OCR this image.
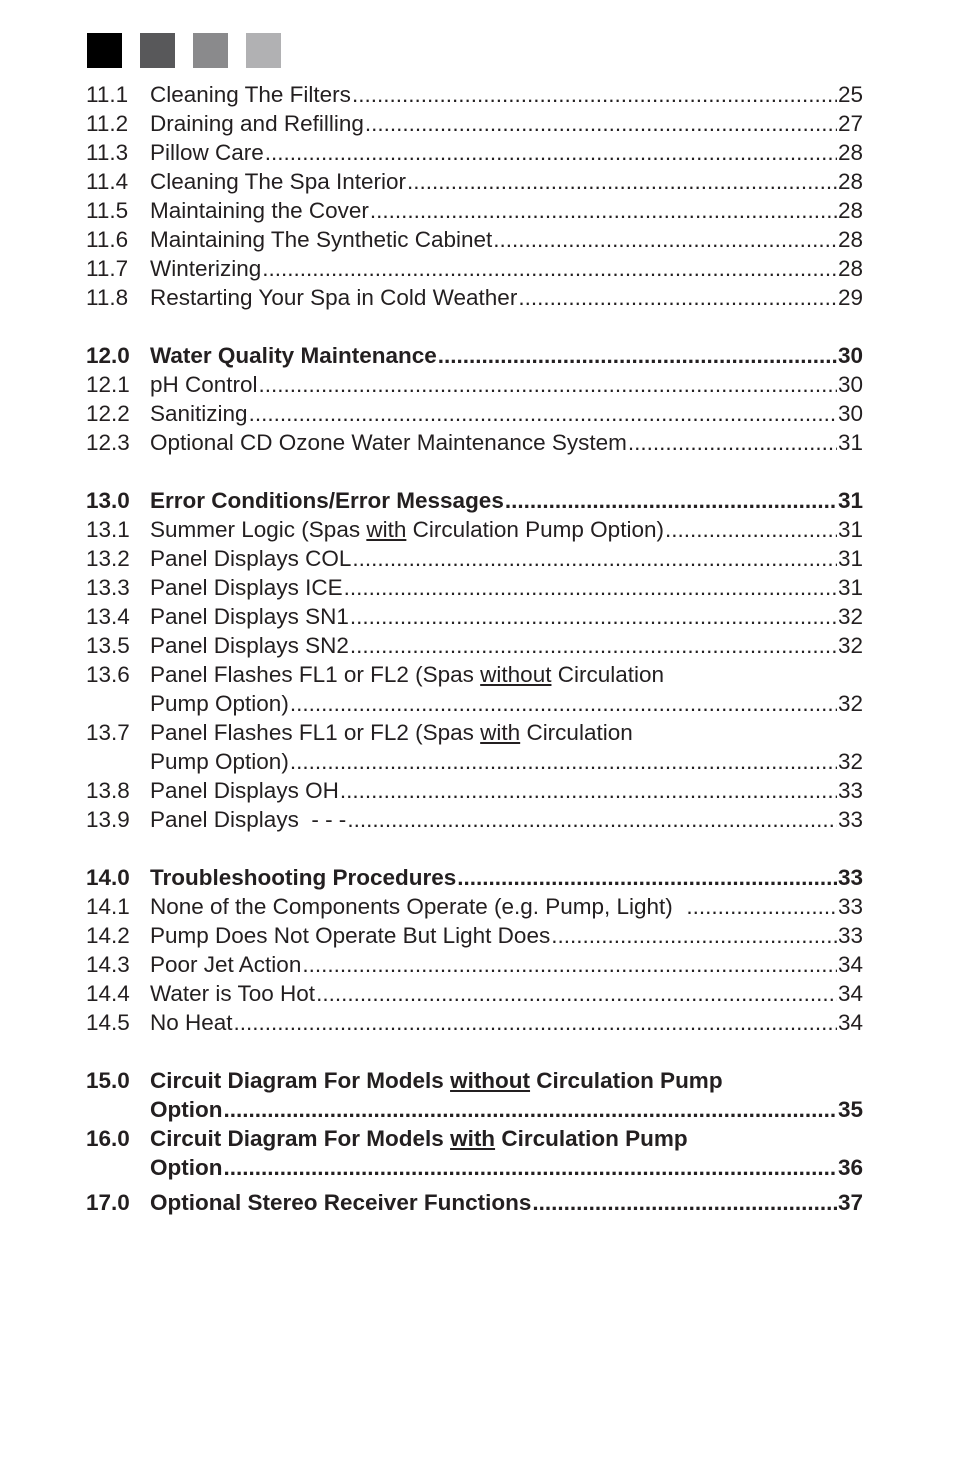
11.1 Cleaning The Filters .....	25
11.2 Draining and Refilling .....	27
11.3 Pillow Care .....	28
11.4 Cleaning The Spa Interior .....	28
11.5 Maintaining the Cover .....	28
11.6 Maintaining The Synthetic Cabinet .....	28
11.7 Winterizing .....	28
11.8 Restarting Your Spa in Cold Weather .....	29
12.0 Water Quality Maintenance .....	30
12.1 pH Control .....	30
12.2 Sanitizing .....	30
12.3 Optional CD Ozone Water Maintenance System .....	31
13.0 Error Conditions/Error Messages .....	31
13.1 Summer Logic (Spas with Circulation Pump Option) .....	31
13.2 Panel Displays COL .....	31
13.3 Panel Displays ICE .....	31
13.4 Panel Displays SN1 .....	32
13.5 Panel Displays SN2 .....	32
13.6 Panel Flashes FL1 or FL2 (Spas without Circulation
Pump Option) .....	32
13.7 Panel Flashes FL1 or FL2 (Spas with Circulation
Pump Option) .....	32
13.8 Panel Displays OH .....	33
13.9 Panel Displays  - - - .....	33
14.0 Troubleshooting Procedures .....	33
14.1 None of the Components Operate (e.g. Pump, Light) .....	33
14.2 Pump Does Not Operate But Light Does .....	33
14.3 Poor Jet Action .....	34
14.4 Water is Too Hot .....	34
14.5 No Heat .....	34
15.0 Circuit Diagram For Models without Circulation Pump
Option .....	35
16.0 Circuit Diagram For Models with Circulation Pump
Option .....	36
17.0 Optional Stereo Receiver Functions .....	37
